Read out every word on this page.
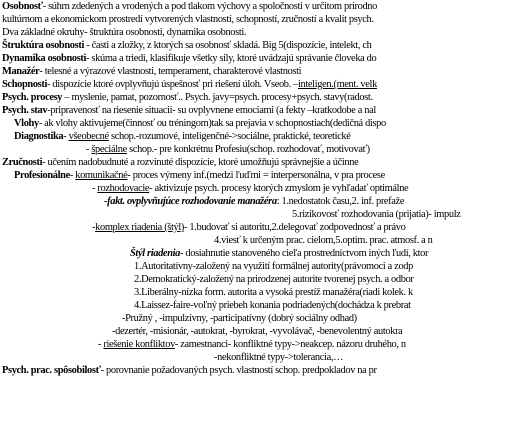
Osobnosť- súhrn zdedených a vrodených a pod tlakom výchovy a spoločnosti v určitom prírodno
kultúrnom a ekonomickom prostredí vytvorených vlastností, schopností, zručností a kvalít psych.
Dva základné okruhy- štruktúra osobnosti, dynamika osobnosti.
Štruktúra osobnosti - časti a zložky, z ktorých sa osobnosť skladá. Big 5(dispozície, intelekt, ch
Dynamika osobnosti- skúma a triedi, klasifikuje všetky sily, ktoré uvádzajú správanie človeka do
Manažér- telesné a výrazové vlastnosti, temperament, charakterové vlastnosti
Schopnosti- dispozície ktoré ovplyvňujú úspešnosť pri riešení úloh. Vseob. –inteligen.(ment. velk
Psych. procesy – myslenie, pamat, pozornosť.. Psych. javy=psych. procesy+psych. stavy(radost.
Psych. stav-pripravenosť na riesenie situacii- su ovplyvnene emociami (a fekty –kratkodobe a nal
Vlohy- ak vlohy aktivujeme(činnosť ou tréningom)tak sa prejavia v schopnostiach(dedičná dispo
Diagnostika- všeobecné schop.-rozumové, inteligenčné->sociálne, praktické, teoretické
- špeciálne schop.- pre konkrétnu Profesiu(schop. rozhodovať, motivovať)
Zručnosti- učením nadobudnuté a rozvinuté dispozície, ktoré umožňujú správnejšie a účinne
Profesionálne- komunikačné- proces výmeny inf.(medzi ľuďmi = interpersonálna, v pra procese
- rozhodovacie- aktivizuje psych. procesy ktorých zmyslom je vyhľadať optimálne
-fakt. ovplyvňujúce rozhodovanie manažéra: 1.nedostatok času,2. inf. prefaže
5.rizikovosť rozhodovania (prijatia)- impulz
-komplex riadenia (štýl)- 1.budovať si autoritu,2.delegovať zodpovednosť a právo
4.viesť k určeným prac. cielom,5.optim. prac. atmosf. a n
Štýl riadenia- dosiahnutie stanoveného cieľa prostredníctvom iných ľudí, ktor
1.Autoritatívny-založený na využití formálnej autority(právomoci a zodp
2.Demokratický-založený na prirodzenej autorite tvorenej psych. a odbor
3.Liberálny-nízka form. autorita a vysoká prestíž manažéra(riadi kolek. k
4.Laissez-faire-voľný priebeh konania podriadených(dochádza k prebrat
-Pružný , -impulzívny, -participatívny (dobrý sociálny odhad)
-dezertér, -misionár, -autokrat, -byrokrat, -vyvolávač, -benevolentný autokra
- riešenie konfliktov- zamestnanci- konfliktné typy->neakcep. názoru druhého, n
-nekonfliktné typy->tolerancia,…
Psych. prac. spôsobilosť- porovnanie požadovaných psych. vlastností schop. predpokladov na pr
